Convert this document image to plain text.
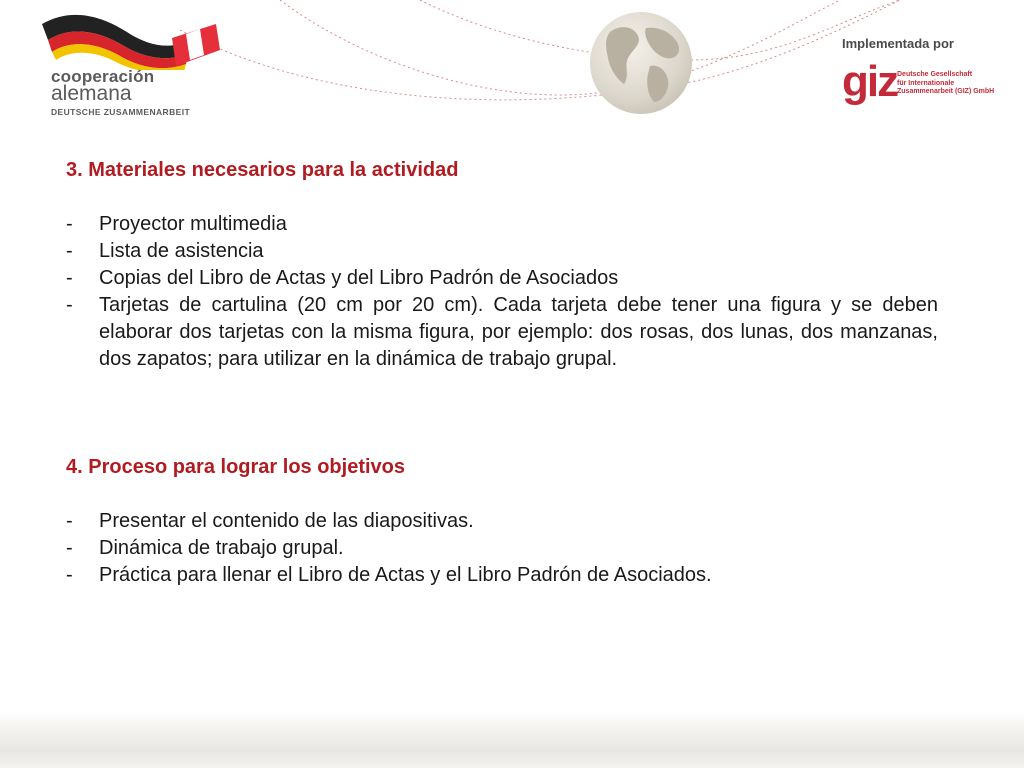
cooperación
alemana
DEUTSCHE ZUSAMMENARBEIT
Implementada por
giz Deutsche Gesellschaft
für Internationale
Zusammenarbeit (GIZ) GmbH
3. Materiales necesarios para la actividad
- Proyector multimedia
- Lista de asistencia
- Copias del Libro de Actas y del Libro Padrón de Asociados
- Tarjetas de cartulina (20 cm por 20 cm). Cada tarjeta debe tener una figura y se deben elaborar dos tarjetas con la misma figura, por ejemplo: dos rosas, dos lunas, dos manzanas, dos zapatos; para utilizar en la dinámica de trabajo grupal.
4. Proceso para lograr los objetivos
- Presentar el contenido de las diapositivas.
- Dinámica de trabajo grupal.
- Práctica para llenar el Libro de Actas y el Libro Padrón de Asociados.
